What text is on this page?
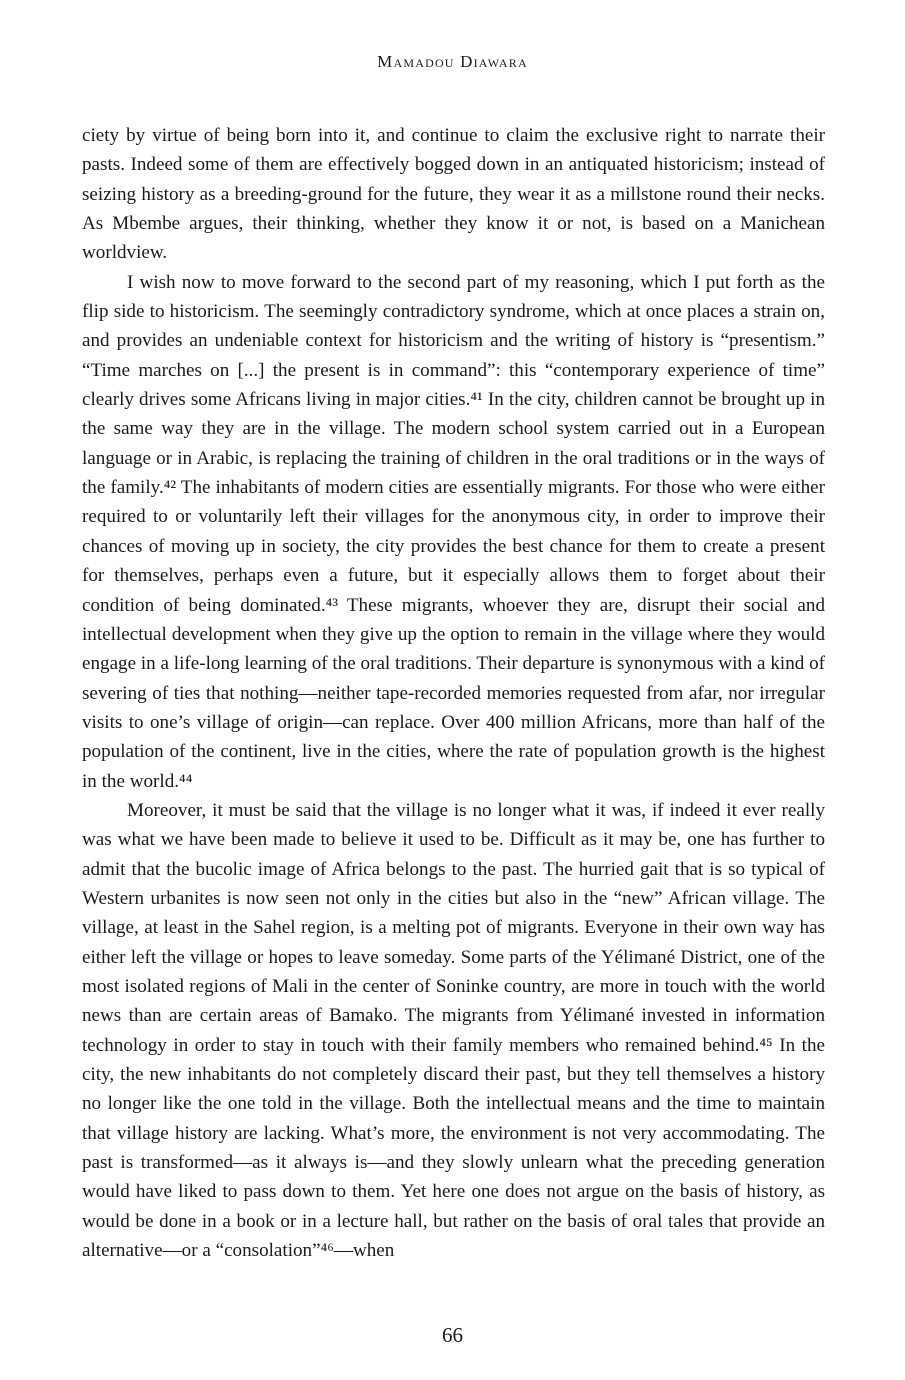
Mamadou Diawara

ciety by virtue of being born into it, and continue to claim the exclusive right to narrate their pasts. Indeed some of them are effectively bogged down in an antiquated historicism; instead of seizing history as a breeding-ground for the future, they wear it as a millstone round their necks. As Mbembe argues, their thinking, whether they know it or not, is based on a Manichean worldview.

I wish now to move forward to the second part of my reasoning, which I put forth as the flip side to historicism. The seemingly contradictory syndrome, which at once places a strain on, and provides an undeniable context for historicism and the writing of history is “presentism.” “Time marches on [...] the present is in command”: this “contemporary experience of time” clearly drives some Africans living in major cities.⁴¹ In the city, children cannot be brought up in the same way they are in the village. The modern school system carried out in a European language or in Arabic, is replacing the training of children in the oral traditions or in the ways of the family.⁴² The inhabitants of modern cities are essentially migrants. For those who were either required to or voluntarily left their villages for the anonymous city, in order to improve their chances of moving up in society, the city provides the best chance for them to create a present for themselves, perhaps even a future, but it especially allows them to forget about their condition of being dominated.⁴³ These migrants, whoever they are, disrupt their social and intellectual development when they give up the option to remain in the village where they would engage in a life-long learning of the oral traditions. Their departure is synonymous with a kind of severing of ties that nothing—neither tape-recorded memories requested from afar, nor irregular visits to one’s village of origin—can replace. Over 400 million Africans, more than half of the population of the continent, live in the cities, where the rate of population growth is the highest in the world.⁴⁴

Moreover, it must be said that the village is no longer what it was, if indeed it ever really was what we have been made to believe it used to be. Difficult as it may be, one has further to admit that the bucolic image of Africa belongs to the past. The hurried gait that is so typical of Western urbanites is now seen not only in the cities but also in the “new” African village. The village, at least in the Sahel region, is a melting pot of migrants. Everyone in their own way has either left the village or hopes to leave someday. Some parts of the Yélimané District, one of the most isolated regions of Mali in the center of Soninke country, are more in touch with the world news than are certain areas of Bamako. The migrants from Yélimané invested in information technology in order to stay in touch with their family members who remained behind.⁴⁵ In the city, the new inhabitants do not completely discard their past, but they tell themselves a history no longer like the one told in the village. Both the intellectual means and the time to maintain that village history are lacking. What’s more, the environment is not very accommodating. The past is transformed—as it always is—and they slowly unlearn what the preceding generation would have liked to pass down to them. Yet here one does not argue on the basis of history, as would be done in a book or in a lecture hall, but rather on the basis of oral tales that provide an alternative—or a “consolation”⁴⁶—when

66
